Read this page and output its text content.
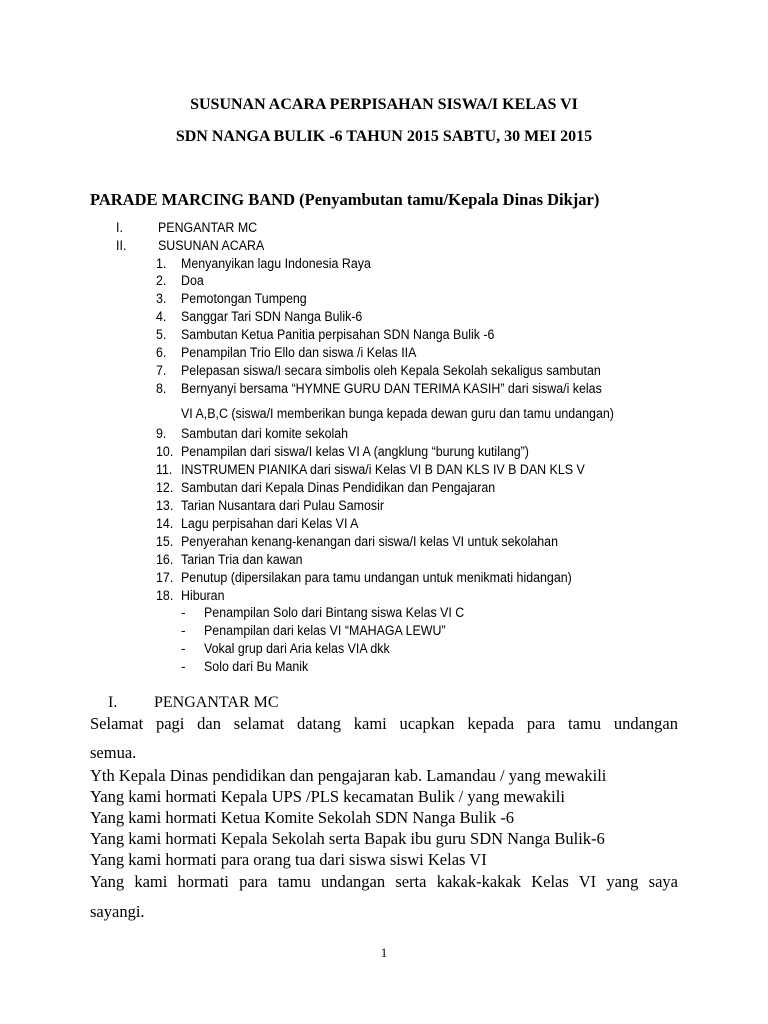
SUSUNAN ACARA PERPISAHAN SISWA/I KELAS VI
SDN NANGA BULIK -6 TAHUN 2015 SABTU, 30 MEI 2015
PARADE MARCING BAND (Penyambutan tamu/Kepala Dinas Dikjar)
I.	PENGANTAR MC
II. SUSUNAN ACARA
1. Menyanyikan lagu Indonesia Raya
2. Doa
3. Pemotongan Tumpeng
4. Sanggar Tari SDN Nanga Bulik-6
5. Sambutan Ketua Panitia perpisahan SDN Nanga Bulik -6
6. Penampilan Trio Ello dan siswa /i Kelas IIA
7. Pelepasan siswa/I secara simbolis oleh Kepala Sekolah sekaligus sambutan
8. Bernyanyi bersama “HYMNE GURU DAN TERIMA KASIH” dari siswa/i kelas
VI A,B,C (siswa/I memberikan bunga kepada dewan guru dan tamu undangan)
9. Sambutan dari komite sekolah
10. Penampilan dari siswa/I kelas VI A (angklung “burung kutilang”)
11. INSTRUMEN PIANIKA dari siswa/i Kelas VI B DAN KLS IV B DAN KLS V
12. Sambutan dari Kepala Dinas Pendidikan dan Pengajaran
13. Tarian Nusantara dari Pulau Samosir
14. Lagu perpisahan dari Kelas VI A
15. Penyerahan kenang-kenangan dari siswa/I kelas VI untuk sekolahan
16. Tarian Tria dan kawan
17. Penutup (dipersilakan para tamu undangan untuk menikmati hidangan)
18. Hiburan
- Penampilan Solo dari Bintang siswa Kelas VI C
- Penampilan dari kelas VI “MAHAGA LEWU”
- Vokal grup dari Aria kelas VIA dkk
- Solo dari Bu Manik
I.	PENGANTAR MC
Selamat pagi dan selamat datang kami ucapkan kepada para tamu undangan
semua.
Yth Kepala Dinas pendidikan dan pengajaran kab. Lamandau / yang mewakili
Yang kami hormati Kepala UPS /PLS kecamatan Bulik / yang mewakili
Yang kami hormati Ketua Komite Sekolah SDN Nanga Bulik -6
Yang kami hormati Kepala Sekolah serta Bapak ibu guru SDN Nanga Bulik-6
Yang kami hormati para orang tua dari siswa siswi Kelas VI
Yang kami hormati para tamu undangan serta kakak-kakak Kelas VI yang saya
sayangi.
1
